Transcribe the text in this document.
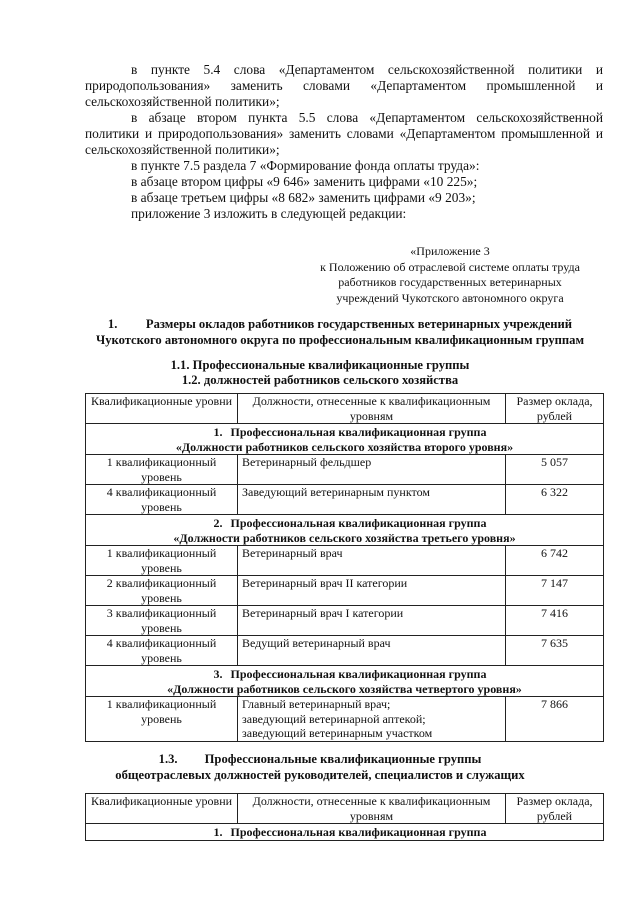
в пункте 5.4 слова «Департаментом сельскохозяйственной политики и природопользования» заменить словами «Департаментом промышленной и сельскохозяйственной политики»;

в абзаце втором пункта 5.5 слова «Департаментом сельскохозяйственной политики и природопользования» заменить словами «Департаментом промышленной и сельскохозяйственной политики»;

в пункте 7.5 раздела 7 «Формирование фонда оплаты труда»:

в абзаце втором цифры «9 646» заменить цифрами «10 225»;

в абзаце третьем цифры «8 682» заменить цифрами «9 203»;

приложение 3 изложить в следующей редакции:

«Приложение 3
к Положению об отраслевой системе оплаты труда
работников государственных ветеринарных
учреждений Чукотского автономного округа
1. Размеры окладов работников государственных ветеринарных учреждений
Чукотского автономного округа по профессиональным квалификационным группам
1.1. Профессиональные квалификационные группы
1.2. должностей работников сельского хозяйства
Квалификационные уровни	Должности, отнесенные к квалификационным уровням	Размер оклада, рублей

1. Профессиональная квалификационная группа
«Должности работников сельского хозяйства второго уровня»		

1 квалификационный уровень	Ветеринарный фельдшер	5 057
4 квалификационный уровень	Заведующий ветеринарным пунктом	6 322

2. Профессиональная квалификационная группа
«Должности работников сельского хозяйства третьего уровня»		

1 квалификационный уровень	Ветеринарный врач	6 742
2 квалификационный уровень	Ветеринарный врач II категории	7 147
3 квалификационный уровень	Ветеринарный врач I категории	7 416
4 квалификационный уровень	Ведущий ветеринарный врач	7 635

3. Профессиональная квалификационная группа
«Должности работников сельского хозяйства четвертого уровня»		

1 квалификационный уровень	Главный ветеринарный врач;
заведующий ветеринарной аптекой;
заведующий ветеринарным участком	7 866
1.3. Профессиональные квалификационные группы
общеотраслевых должностей руководителей, специалистов и служащих
Квалификационные уровни	Должности, отнесенные к квалификационным уровням	Размер оклада, рублей

1. Профессиональная квалификационная группа
